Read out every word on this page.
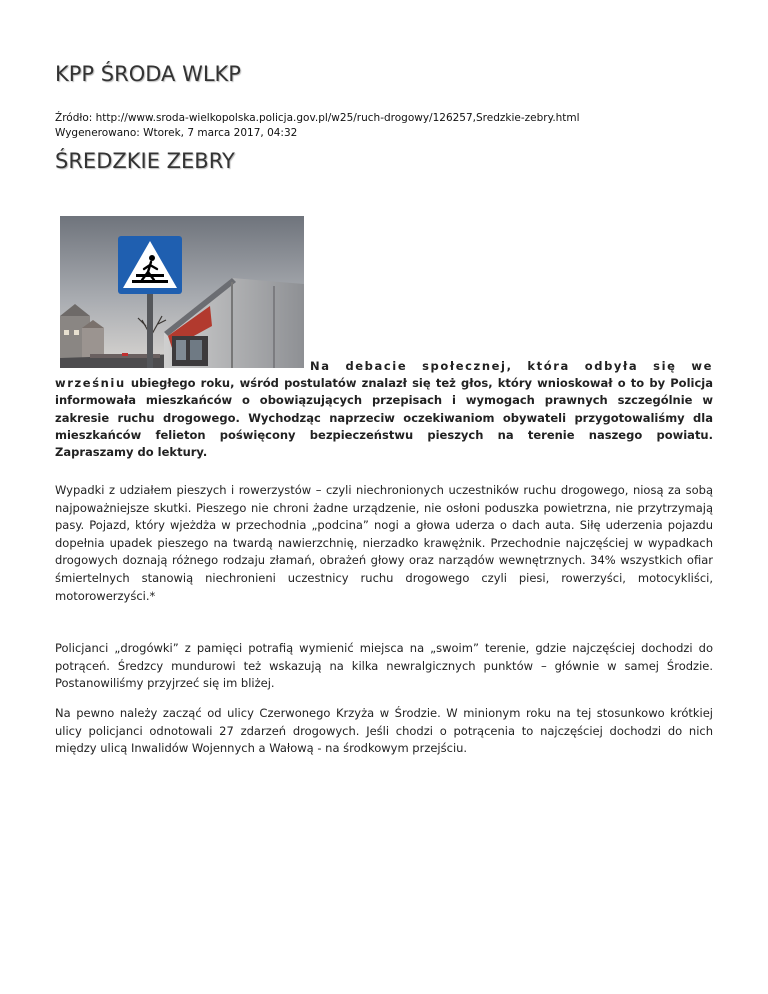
KPP ŚRODA WLKP
Źródło: http://www.sroda-wielkopolska.policja.gov.pl/w25/ruch-drogowy/126257,Sredzkie-zebry.html
Wygenerowano: Wtorek, 7 marca 2017, 04:32
ŚREDZKIE ZEBRY
Na debacie społecznej, która odbyła się we wrześniu ubiegłego roku, wśród postulatów znalazł się też głos, który wnioskował o to by Policja informowała mieszkańców o obowiązujących przepisach i wymogach prawnych szczególnie w zakresie ruchu drogowego. Wychodząc naprzeciw oczekiwaniom obywateli przygotowaliśmy dla mieszkańców felieton poświęcony bezpieczeństwu pieszych na terenie naszego powiatu. Zapraszamy do lektury.

Wypadki z udziałem pieszych i rowerzystów – czyli niechronionych uczestników ruchu drogowego, niosą za sobą najpoważniejsze skutki. Pieszego nie chroni żadne urządzenie, nie osłoni poduszka powietrzna, nie przytrzymają pasy. Pojazd, który wjeżdża w przechodnia „podcina” nogi a głowa uderza o dach auta. Siłę uderzenia pojazdu dopełnia upadek pieszego na twardą nawierzchnię, nierzadko krawężnik. Przechodnie najczęściej w wypadkach drogowych doznają różnego rodzaju złamań, obrażeń głowy oraz narządów wewnętrznych. 34% wszystkich ofiar śmiertelnych stanowią niechronieni uczestnicy ruchu drogowego czyli piesi, rowerzyści, motocykliści, motorowerzyści.*

Policjanci „drogówki” z pamięci potrafią wymienić miejsca na „swoim” terenie, gdzie najczęściej dochodzi do potrąceń. Średzcy mundurowi też wskazują na kilka newralgicznych punktów – głównie w samej Środzie. Postanowiliśmy przyjrzeć się im bliżej.

Na pewno należy zacząć od ulicy Czerwonego Krzyża w Środzie. W minionym roku na tej stosunkowo krótkiej ulicy policjanci odnotowali 27 zdarzeń drogowych. Jeśli chodzi o potrącenia to najczęściej dochodzi do nich między ulicą Inwalidów Wojennych a Wałową - na środkowym przejściu.
